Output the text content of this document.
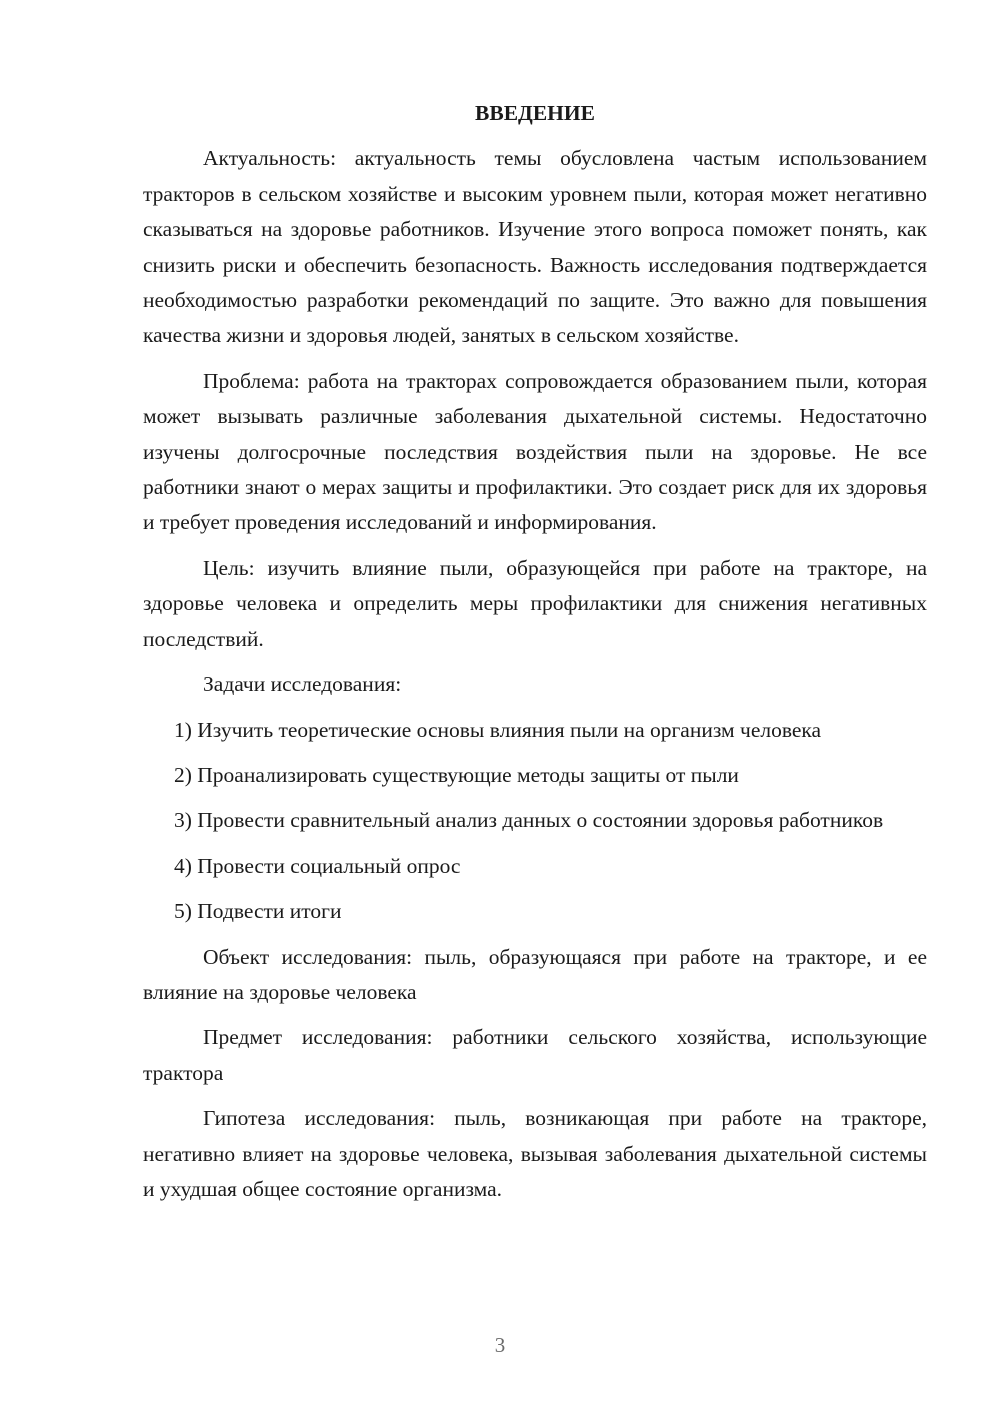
ВВЕДЕНИЕ

Актуальность: актуальность темы обусловлена частым использованием тракторов в сельском хозяйстве и высоким уровнем пыли, которая может негативно сказываться на здоровье работников. Изучение этого вопроса поможет понять, как снизить риски и обеспечить безопасность. Важность исследования подтверждается необходимостью разработки рекомендаций по защите. Это важно для повышения качества жизни и здоровья людей, занятых в сельском хозяйстве.

Проблема: работа на тракторах сопровождается образованием пыли, которая может вызывать различные заболевания дыхательной системы. Недостаточно изучены долгосрочные последствия воздействия пыли на здоровье. Не все работники знают о мерах защиты и профилактики. Это создает риск для их здоровья и требует проведения исследований и информирования.

Цель: изучить влияние пыли, образующейся при работе на тракторе, на здоровье человека и определить меры профилактики для снижения негативных последствий.

Задачи исследования:

1) Изучить теоретические основы влияния пыли на организм человека

2) Проанализировать существующие методы защиты от пыли

3) Провести сравнительный анализ данных о состоянии здоровья работников

4) Провести социальный опрос

5) Подвести итоги

Объект исследования: пыль, образующаяся при работе на тракторе, и ее влияние на здоровье человека

Предмет исследования: работники сельского хозяйства, использующие трактора

Гипотеза исследования: пыль, возникающая при работе на тракторе, негативно влияет на здоровье человека, вызывая заболевания дыхательной системы и ухудшая общее состояние организма.

3
